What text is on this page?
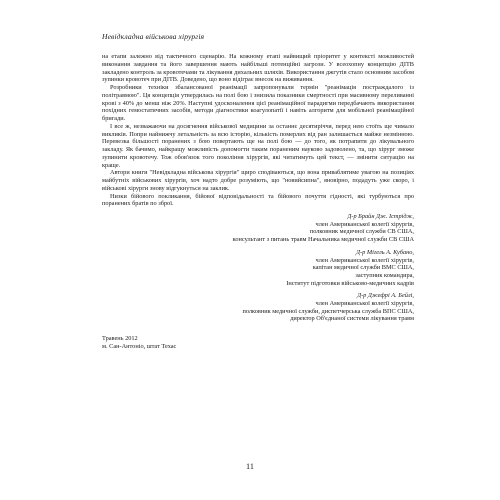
Невідкладна військова хірургія

на етапи залежно від тактичного сценарію. На кожному етапі найвищий пріоритет у контексті можливостей виконання завдання та його завершення мають найбільші потенційні загрози. У всеохопну концепцію ДІТВ закладено контроль за кровотечами та лікування дихальних шляхів. Використання джгутів стало основним засобом зупинки кровотеч при ДІТВ. Доведено, що воно відіграє внесок на виживання.

Розробники техніки збалансованої реанімації запропонували термін "реанімація постраждалого із політравмою". Ця концепція утвердилась на полі бою і знизила показники смертності при масивному переливанні крові з 40% до менш ніж 20%. Наступні удосконалення цієї реанімаційної парадигми передбачають використання похідних гемостатичних засобів, методи діагностики коагулопатії і навіть алгоритм для мобільної реанімаційної бригади.

І все ж, незважаючи на досягнення військової медицини за останнє десятиріччя, перед нею стоїть ще чимало викликів. Попри найнижчу летальність за всю історію, кількість померлих від ран залишається майже незмінною. Перевезка більшості поранених з бою повертають ще на полі бою — до того, як потрапити до лікувального закладу. Як бачимо, найкращу можливість допомогти таким пораненим науково задоволено, та, що хірург зможе зупинити кровотечу. Тож обов'язок того покоління хірургів, які читатимуть цей текст, — змінити ситуацію на краще.

Автори книги "Невідкладна військова хірургія" щиро сподіваються, що вона приваблятиме увагою на позиціях майбутніх військових хірургів, хоч надто добре розуміють, що "новийсипна", яновірно, подадуть уже скоро, і військові хірурги знову відгукнуться на заклик.

Низки бійового покликання, бійової відповідальності та бійового почуття гідності, які турбуються про поранених братів по зброї.

Д-р Брайн Дж. Істрідж,
член Американської колегії хірургів,
полковник медичної служби СВ США,
консультант з питань травм Начальника медичної служби СВ США
Д-р Мігель А. Кубано,
член Американської колегії хірургів,
капітан медичної служби ВМС США,
заступник командира,
Інститут підготовки військово-медичних кадрів
Д-р Джефрі А. Бейлі,
член Американської колегії хірургів,
полковник медичної служби, диспетчерська служба ВПС США,
директор Об'єднаної системи лікування травм
Травень 2012
м. Сан-Антоніо, штат Техас
11
